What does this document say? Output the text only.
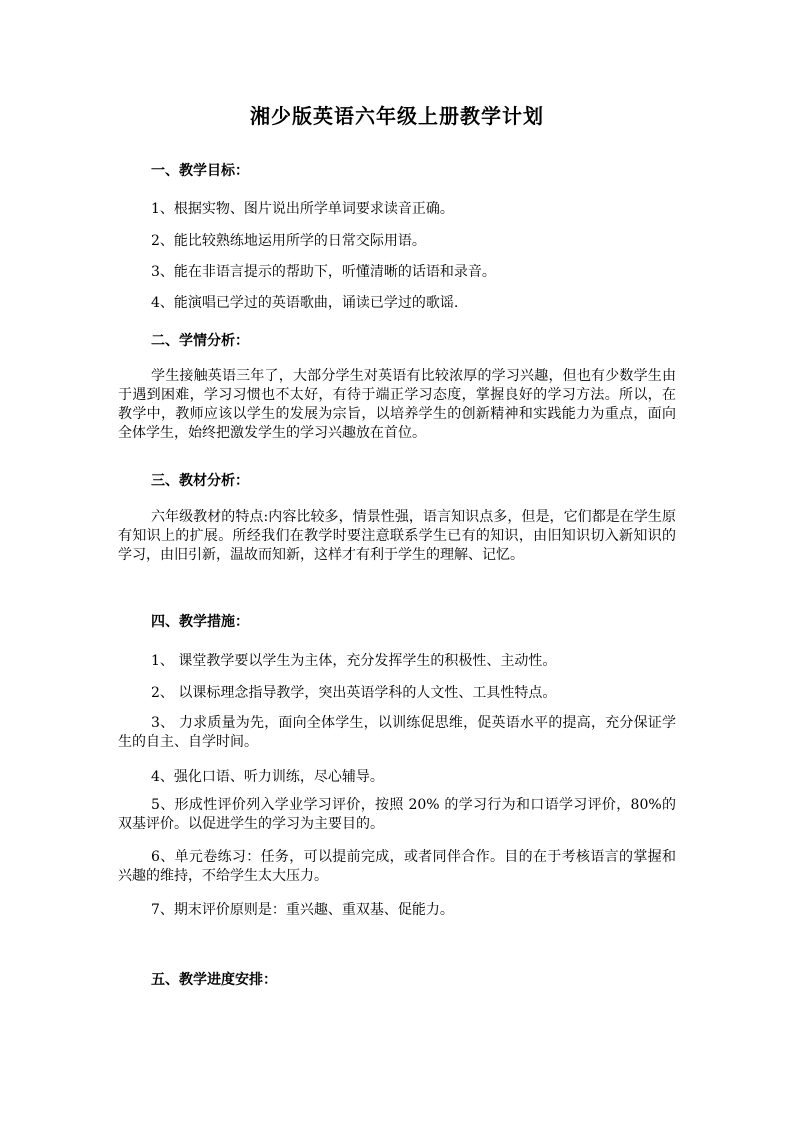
湘少版英语六年级上册教学计划
一、教学目标：
1、根据实物、图片说出所学单词要求读音正确。
2、能比较熟练地运用所学的日常交际用语。
3、能在非语言提示的帮助下，听懂清晰的话语和录音。
4、能演唱已学过的英语歌曲，诵读已学过的歌谣.
二、学情分析：
学生接触英语三年了，大部分学生对英语有比较浓厚的学习兴趣，但也有少数学生由于遇到困难，学习习惯也不太好，有待于端正学习态度，掌握良好的学习方法。所以，在教学中，教师应该以学生的发展为宗旨，以培养学生的创新精神和实践能力为重点，面向全体学生，始终把激发学生的学习兴趣放在首位。
三、教材分析：
六年级教材的特点:内容比较多，情景性强，语言知识点多，但是，它们都是在学生原有知识上的扩展。所经我们在教学时要注意联系学生已有的知识，由旧知识切入新知识的学习，由旧引新，温故而知新，这样才有利于学生的理解、记忆。
四、教学措施：
1、 课堂教学要以学生为主体，充分发挥学生的积极性、主动性。
2、 以课标理念指导教学，突出英语学科的人文性、工具性特点。
3、 力求质量为先，面向全体学生，以训练促思维，促英语水平的提高，充分保证学生的自主、自学时间。
4、强化口语、听力训练，尽心辅导。
5、形成性评价列入学业学习评价，按照 20% 的学习行为和口语学习评价，80%的双基评价。以促进学生的学习为主要目的。
6、单元卷练习：任务，可以提前完成，或者同伴合作。目的在于考核语言的掌握和兴趣的维持，不给学生太大压力。
7、期末评价原则是：重兴趣、重双基、促能力。
五、教学进度安排：
